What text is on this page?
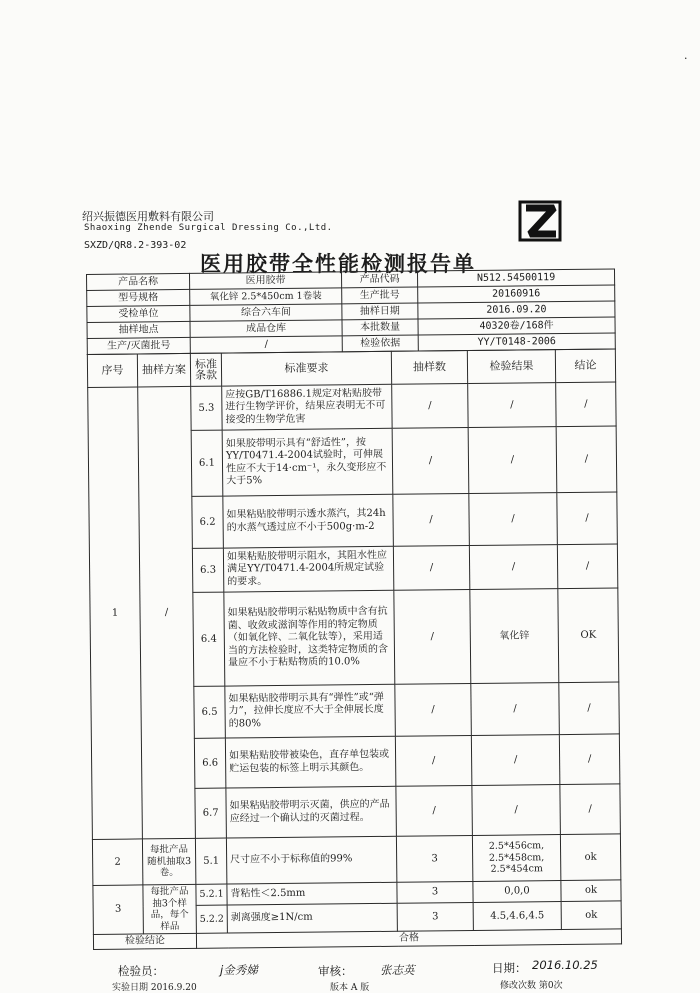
·
绍兴振德医用敷料有限公司
Shaoxing Zhende Surgical Dressing Co.,Ltd.
SXZD/QR8.2-393-02
医用胶带全性能检测报告单
Z
产品名称	医用胶带	产品代码	N512.54500119
型号规格	氧化锌 2.5*450cm 1卷装	生产批号	20160916
受检单位	综合六车间	抽样日期	2016.09.20
抽样地点	成品仓库	本批数量	40320卷/168件
生产/灭菌批号	/	检验依据	YY/T0148-2006
序号	抽样方案	标准条款	标准要求	抽样数	检验结果	结论
1	/	5.3	应按GB/T16886.1规定对粘贴胶带进行生物学评价，结果应表明无不可接受的生物学危害	/	/	/
		6.1	如果胶带明示具有“舒适性”，按YY/T0471.4-2004试验时，可伸展性应不大于14·cm⁻¹，永久变形应不大于5%	/	/	/
		6.2	如果粘贴胶带明示透水蒸汽，其24h的水蒸气透过应不小于500g·m-2	/	/	/
		6.3	如果粘贴胶带明示阻水，其阻水性应满足YY/T0471.4-2004所规定试验的要求。	/	/	/
		6.4	如果粘贴胶带明示粘贴物质中含有抗菌、收敛或滋润等作用的特定物质（如氧化锌、二氧化钛等），采用适当的方法检验时，这类特定物质的含量应不小于粘贴物质的10.0%	/	氧化锌	OK
		6.5	如果粘贴胶带明示具有“弹性”或“弹力”，拉伸长度应不大于全伸展长度的80%	/	/	/
		6.6	如果粘贴胶带被染色，直存单包装或贮运包装的标签上明示其颜色。	/	/	/
		6.7	如果粘贴胶带明示灭菌，供应的产品应经过一个确认过的灭菌过程。	/	/	/
2	每批产品随机抽取3卷。	5.1	尺寸应不小于标称值的99%	3	2.5*456cm,
2.5*458cm,
2.5*454cm	ok
3	每批产品抽3个样品，每个样品	5.2.1	背粘性＜2.5mm	3	0,0,0	ok
		5.2.2	剥离强度≥1N/cm	3	4.5,4.6,4.5	ok
检验结论		合格				
检验员：	j金秀娣	审核： 张志英	日期： 2016.10.25
实验日期 2016.9.20	版本 A 版	修改次数 第0次
